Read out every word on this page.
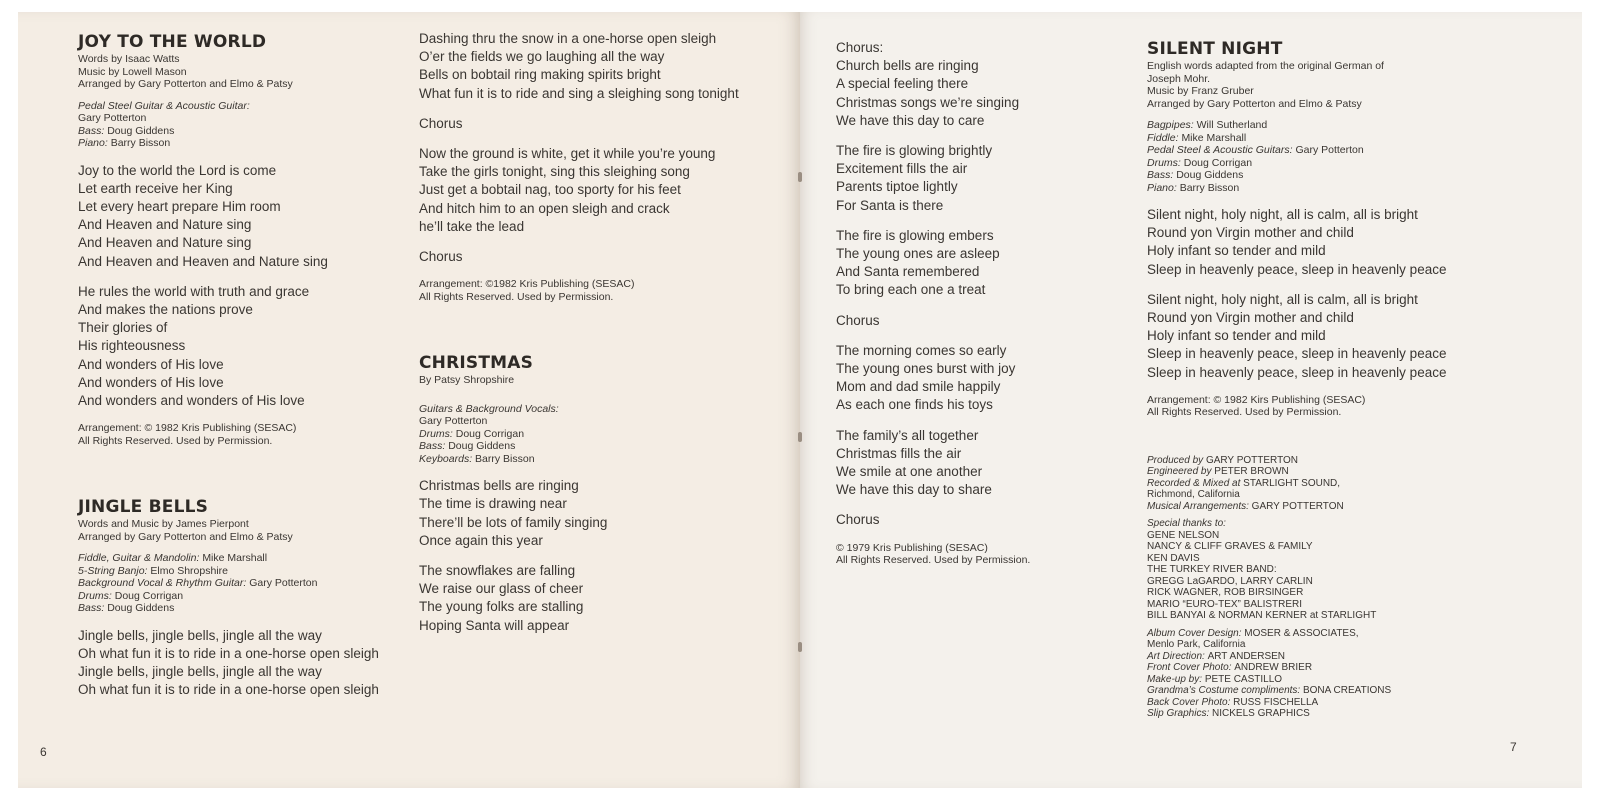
JOY TO THE WORLD
Words by Isaac Watts
Music by Lowell Mason
Arranged by Gary Potterton and Elmo & Patsy
Pedal Steel Guitar & Acoustic Guitar:
Gary Potterton
Bass: Doug Giddens
Piano: Barry Bisson
Joy to the world the Lord is come
Let earth receive her King
Let every heart prepare Him room
And Heaven and Nature sing
And Heaven and Nature sing
And Heaven and Heaven and Nature sing
He rules the world with truth and grace
And makes the nations prove
Their glories of
His righteousness
And wonders of His love
And wonders of His love
And wonders and wonders of His love
Arrangement: © 1982 Kris Publishing (SESAC)
All Rights Reserved. Used by Permission.
JINGLE BELLS
Words and Music by James Pierpont
Arranged by Gary Potterton and Elmo & Patsy
Fiddle, Guitar & Mandolin: Mike Marshall
5-String Banjo: Elmo Shropshire
Background Vocal & Rhythm Guitar: Gary Potterton
Drums: Doug Corrigan
Bass: Doug Giddens
Jingle bells, jingle bells, jingle all the way
Oh what fun it is to ride in a one-horse open sleigh
Jingle bells, jingle bells, jingle all the way
Oh what fun it is to ride in a one-horse open sleigh
Dashing thru the snow in a one-horse open sleigh
O’er the fields we go laughing all the way
Bells on bobtail ring making spirits bright
What fun it is to ride and sing a sleighing song tonight
Chorus
Now the ground is white, get it while you’re young
Take the girls tonight, sing this sleighing song
Just get a bobtail nag, too sporty for his feet
And hitch him to an open sleigh and crack
he’ll take the lead
Chorus
Arrangement: ©1982 Kris Publishing (SESAC)
All Rights Reserved. Used by Permission.
CHRISTMAS
By Patsy Shropshire
Guitars & Background Vocals:
Gary Potterton
Drums: Doug Corrigan
Bass: Doug Giddens
Keyboards: Barry Bisson
Christmas bells are ringing
The time is drawing near
There’ll be lots of family singing
Once again this year
The snowflakes are falling
We raise our glass of cheer
The young folks are stalling
Hoping Santa will appear
6
Chorus:
Church bells are ringing
A special feeling there
Christmas songs we’re singing
We have this day to care
The fire is glowing brightly
Excitement fills the air
Parents tiptoe lightly
For Santa is there
The fire is glowing embers
The young ones are asleep
And Santa remembered
To bring each one a treat
Chorus
The morning comes so early
The young ones burst with joy
Mom and dad smile happily
As each one finds his toys
The family’s all together
Christmas fills the air
We smile at one another
We have this day to share
Chorus
© 1979 Kris Publishing (SESAC)
All Rights Reserved. Used by Permission.
SILENT NIGHT
English words adapted from the original German of
Joseph Mohr.
Music by Franz Gruber
Arranged by Gary Potterton and Elmo & Patsy
Bagpipes: Will Sutherland
Fiddle: Mike Marshall
Pedal Steel & Acoustic Guitars: Gary Potterton
Drums: Doug Corrigan
Bass: Doug Giddens
Piano: Barry Bisson
Silent night, holy night, all is calm, all is bright
Round yon Virgin mother and child
Holy infant so tender and mild
Sleep in heavenly peace, sleep in heavenly peace
Silent night, holy night, all is calm, all is bright
Round yon Virgin mother and child
Holy infant so tender and mild
Sleep in heavenly peace, sleep in heavenly peace
Sleep in heavenly peace, sleep in heavenly peace
Arrangement: © 1982 Kirs Publishing (SESAC)
All Rights Reserved. Used by Permission.
Produced by GARY POTTERTON
Engineered by PETER BROWN
Recorded & Mixed at STARLIGHT SOUND,
Richmond, California
Musical Arrangements: GARY POTTERTON
Special thanks to:
GENE NELSON
NANCY & CLIFF GRAVES & FAMILY
KEN DAVIS
THE TURKEY RIVER BAND:
GREGG LaGARDO, LARRY CARLIN
RICK WAGNER, ROB BIRSINGER
MARIO “EURO-TEX” BALISTRERI
BILL BANYAI & NORMAN KERNER at STARLIGHT
Album Cover Design: MOSER & ASSOCIATES,
Menlo Park, California
Art Direction: ART ANDERSEN
Front Cover Photo: ANDREW BRIER
Make-up by: PETE CASTILLO
Grandma’s Costume compliments: BONA CREATIONS
Back Cover Photo: RUSS FISCHELLA
Slip Graphics: NICKELS GRAPHICS
7
